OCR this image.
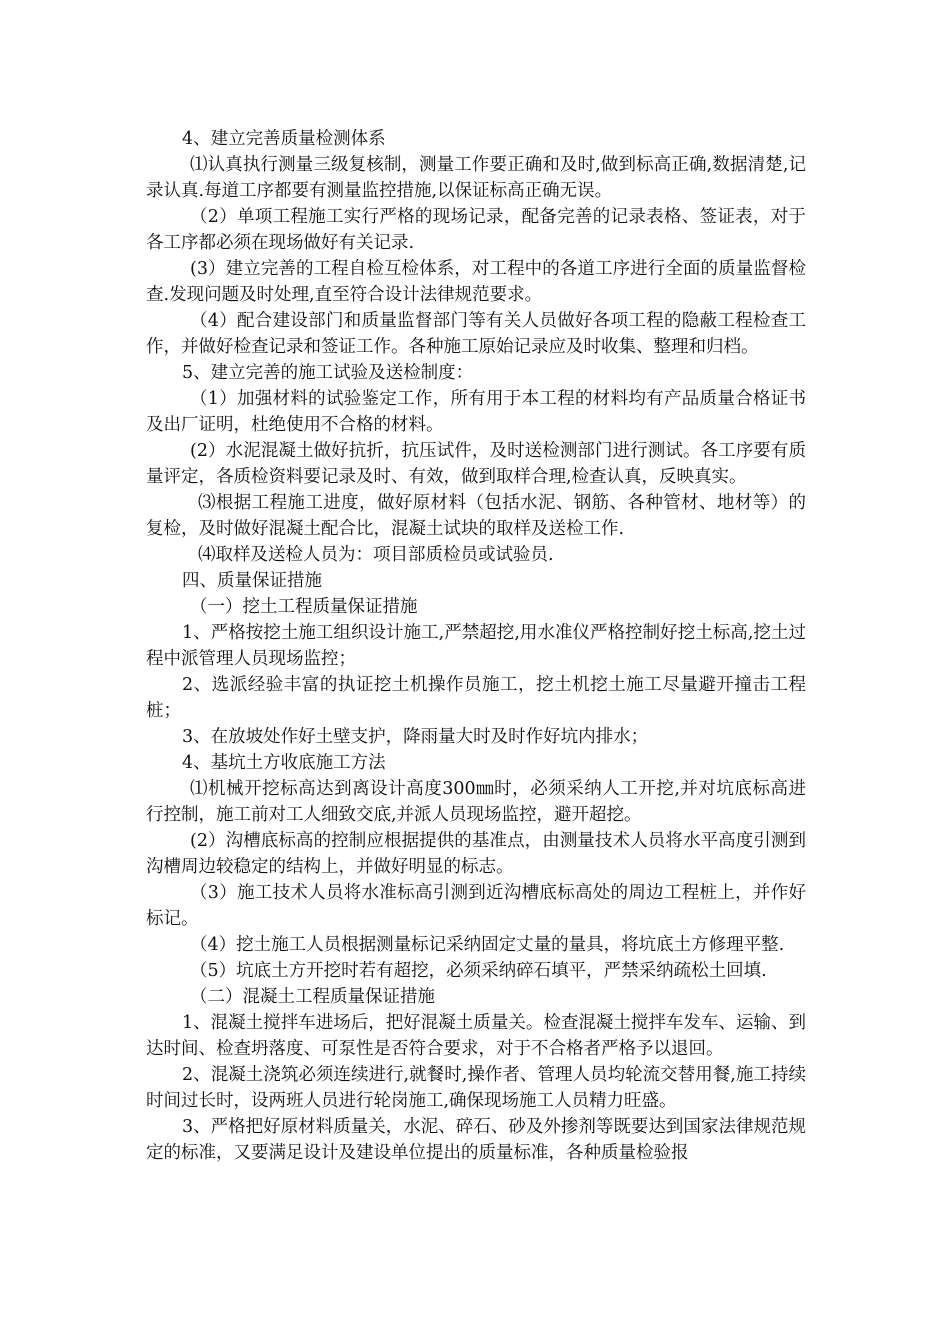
4、建立完善质量检测体系

⑴认真执行测量三级复核制，测量工作要正确和及时,做到标高正确,数据清楚,记录认真.每道工序都要有测量监控措施,以保证标高正确无误。

（2）单项工程施工实行严格的现场记录，配备完善的记录表格、签证表，对于各工序都必须在现场做好有关记录.

(3）建立完善的工程自检互检体系，对工程中的各道工序进行全面的质量监督检查.发现问题及时处理,直至符合设计法律规范要求。

（4）配合建设部门和质量监督部门等有关人员做好各项工程的隐蔽工程检查工作，并做好检查记录和签证工作。各种施工原始记录应及时收集、整理和归档。

5、建立完善的施工试验及送检制度：

（1）加强材料的试验鉴定工作，所有用于本工程的材料均有产品质量合格证书及出厂证明，杜绝使用不合格的材料。

(2）水泥混凝土做好抗折，抗压试件，及时送检测部门进行测试。各工序要有质量评定，各质检资料要记录及时、有效，做到取样合理,检查认真，反映真实。

⑶根据工程施工进度，做好原材料（包括水泥、钢筋、各种管材、地材等）的复检，及时做好混凝土配合比，混凝土试块的取样及送检工作.

⑷取样及送检人员为：项目部质检员或试验员.

四、质量保证措施

（一）挖土工程质量保证措施

1、严格按挖土施工组织设计施工,严禁超挖,用水准仪严格控制好挖土标高,挖土过程中派管理人员现场监控；

2、选派经验丰富的执证挖土机操作员施工，挖土机挖土施工尽量避开撞击工程桩；

3、在放坡处作好土壁支护，降雨量大时及时作好坑内排水；

4、基坑土方收底施工方法

⑴机械开挖标高达到离设计高度300㎜时，必须采纳人工开挖,并对坑底标高进行控制，施工前对工人细致交底,并派人员现场监控，避开超挖。

(2）沟槽底标高的控制应根据提供的基准点，由测量技术人员将水平高度引测到沟槽周边较稳定的结构上，并做好明显的标志。

（3）施工技术人员将水准标高引测到近沟槽底标高处的周边工程桩上，并作好标记。

（4）挖土施工人员根据测量标记采纳固定丈量的量具，将坑底土方修理平整.

（5）坑底土方开挖时若有超挖，必须采纳碎石填平，严禁采纳疏松土回填.

（二）混凝土工程质量保证措施

1、混凝土搅拌车进场后，把好混凝土质量关。检查混凝土搅拌车发车、运输、到达时间、检查坍落度、可泵性是否符合要求，对于不合格者严格予以退回。

2、混凝土浇筑必须连续进行,就餐时,操作者、管理人员均轮流交替用餐,施工持续时间过长时，设两班人员进行轮岗施工,确保现场施工人员精力旺盛。

3、严格把好原材料质量关，水泥、碎石、砂及外掺剂等既要达到国家法律规范规定的标准，又要满足设计及建设单位提出的质量标准，各种质量检验报
